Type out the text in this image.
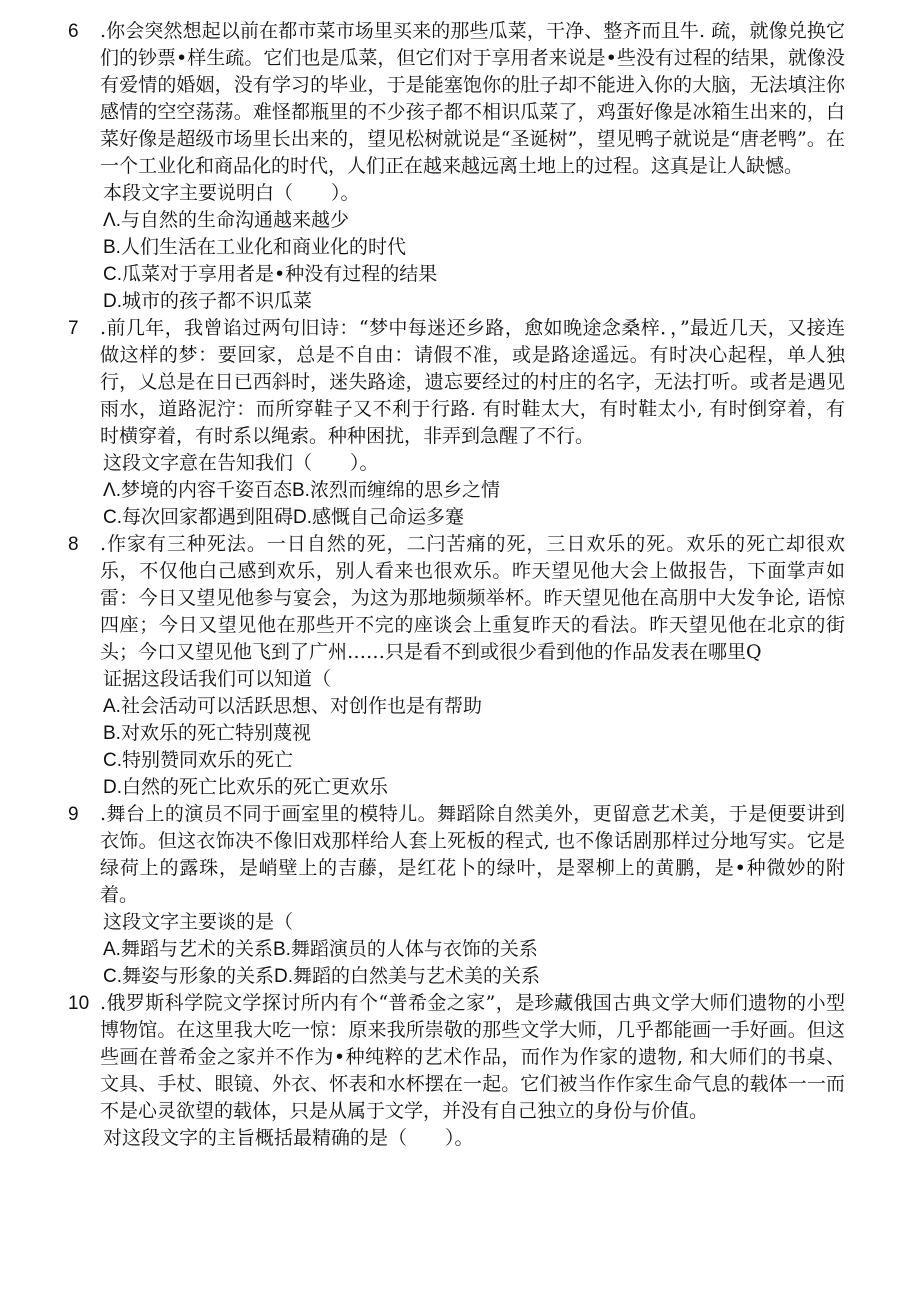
6 .你会突然想起以前在都市菜市场里买来的那些瓜菜，干净、整齐而且牛. 疏，就像兑换它们的钞票•样生疏。它们也是瓜菜，但它们对于享用者来说是•些没有过程的结果，就像没有爱情的婚姻，没有学习的毕业，于是能塞饱你的肚子却不能进入你的大脑，无法填注你感情的空空荡荡。难怪都瓶里的不少孩子都不相识瓜菜了，鸡蛋好像是冰箱生出来的，白菜好像是超级市场里长出来的，望见松树就说是“圣诞树”，望见鸭子就说是“唐老鸭”。在一个工业化和商品化的时代，人们正在越来越远离土地上的过程。这真是让人缺憾。

本段文字主要说明白（　　）。

Λ.与自然的生命沟通越来越少

B.人们生活在工业化和商业化的时代

C.瓜菜对于享用者是•种没有过程的结果

D.城市的孩子都不识瓜菜

7 .前几年，我曾谄过两句旧诗：“梦中每迷还乡路，愈如晚途念桑梓．，”最近几天，又接连做这样的梦：要回家，总是不自由：请假不准，或是路途遥远。有时决心起程，单人独行，乂总是在日已西斜时，迷失路途，遗忘要经过的村庄的名字，无法打听。或者是遇见雨水，道路泥泞：而所穿鞋子又不利于行路. 有时鞋太大，有时鞋太小, 有时倒穿着，有时横穿着，有时系以绳索。种种困扰，非弄到急醒了不行。

这段文字意在告知我们（　　）。

Λ.梦境的内容千姿百态B.浓烈而缠绵的思乡之情
C.每次回家都遇到阻碍D.感慨自己命运多蹇
8 .作家有三种死法。一日自然的死，二闩苦痛的死，三日欢乐的死。欢乐的死亡却很欢乐，不仅他白己感到欢乐，别人看来也很欢乐。昨天望见他大会上做报告，下面掌声如雷：今日又望见他参与宴会，为这为那地频频举杯。昨天望见他在高朋中大发争论, 语惊四座；今日又望见他在那些开不完的座谈会上重复昨天的看法。昨天望见他在北京的街头；今口又望见他飞到了广州……只是看不到或很少看到他的作品发表在哪里Q

证据这段话我们可以知道（

A.社会活动可以活跃思想、对创作也是有帮助

B.对欢乐的死亡特别蔑视

C.特别赞同欢乐的死亡

D.白然的死亡比欢乐的死亡更欢乐

9 .舞台上的演员不同于画室里的模特儿。舞蹈除自然美外，更留意艺术美，于是便要讲到衣饰。但这衣饰决不像旧戏那样给人套上死板的程式, 也不像话剧那样过分地写实。它是绿荷上的露珠，是峭壁上的吉藤，是红花卜的绿叶，是翠柳上的黄鹏，是•种微妙的附着。

这段文字主要谈的是（

A.舞蹈与艺术的关系B.舞蹈演员的人体与衣饰的关系
C.舞姿与形象的关系D.舞蹈的白然美与艺术美的关系
10 .俄罗斯科学院文学探讨所内有个“普希金之家”，是珍藏俄国古典文学大师们遗物的小型博物馆。在这里我大吃一惊：原来我所崇敬的那些文学大师，几乎都能画一手好画。但这些画在普希金之家并不作为•种纯粹的艺术作品，而作为作家的遗物, 和大师们的书桌、文具、手杖、眼镜、外衣、怀表和水杯摆在一起。它们被当作作家生命气息的载体一一而不是心灵欲望的载体，只是从属于文学，并没有自己独立的身份与价值。

对这段文字的主旨概括最精确的是（　　）。
